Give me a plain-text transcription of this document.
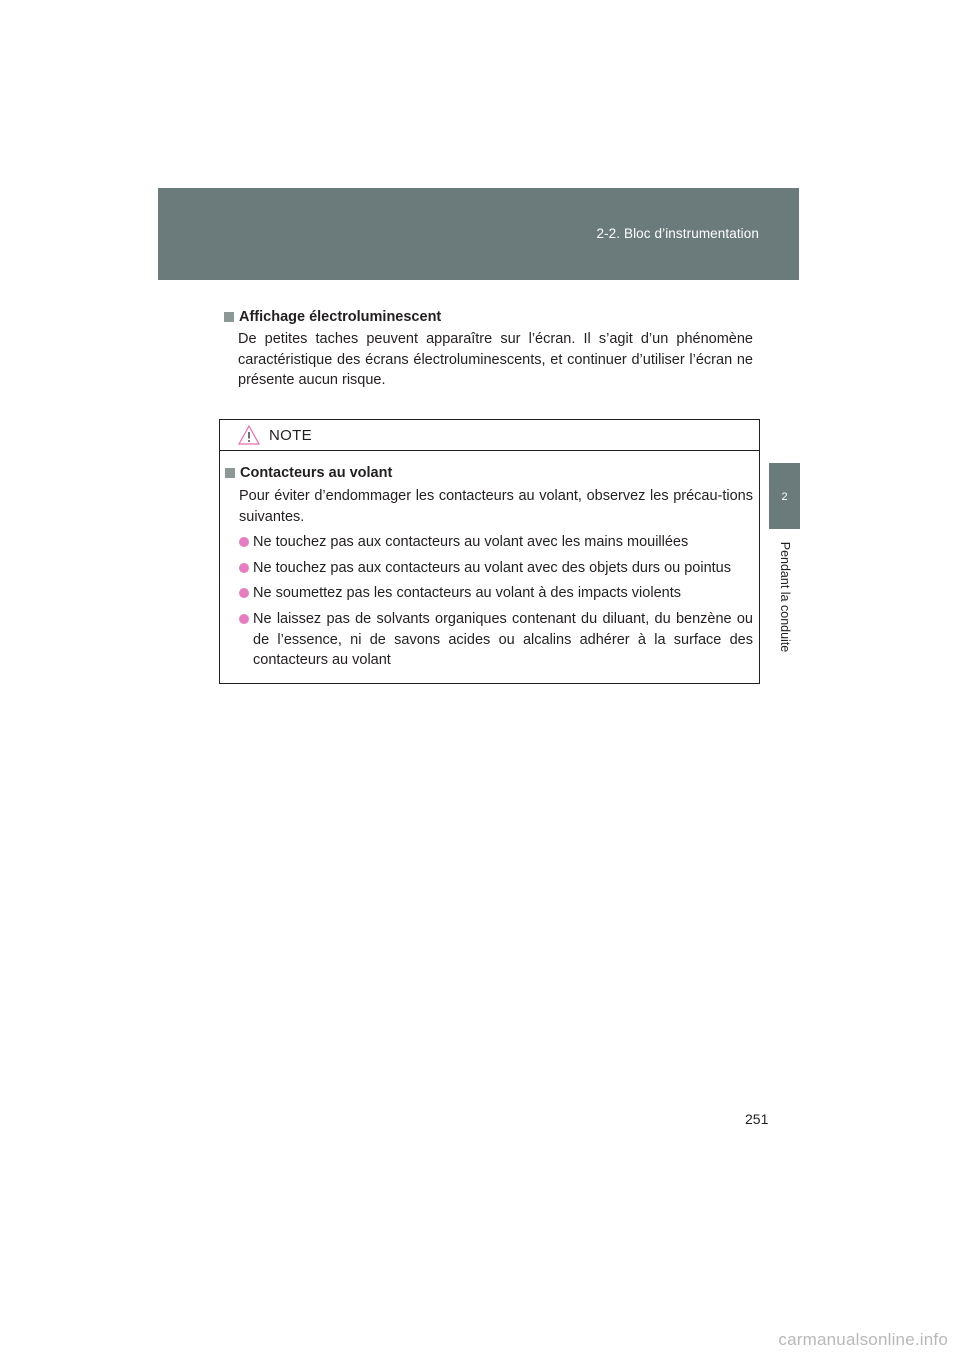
2-2. Bloc d’instrumentation
2
Pendant la conduite
Affichage électroluminescent

De petites taches peuvent apparaître sur l’écran. Il s’agit d’un phénomène caractéristique des écrans électroluminescents, et continuer d’utiliser l’écran ne présente aucun risque.

NOTE
Contacteurs au volant

Pour éviter d’endommager les contacteurs au volant, observez les précau-tions suivantes.

Ne touchez pas aux contacteurs au volant avec les mains mouillées
Ne touchez pas aux contacteurs au volant avec des objets durs ou pointus
Ne soumettez pas les contacteurs au volant à des impacts violents
Ne laissez pas de solvants organiques contenant du diluant, du benzène ou de l’essence, ni de savons acides ou alcalins adhérer à la surface des contacteurs au volant
251
carmanualsonline.info
